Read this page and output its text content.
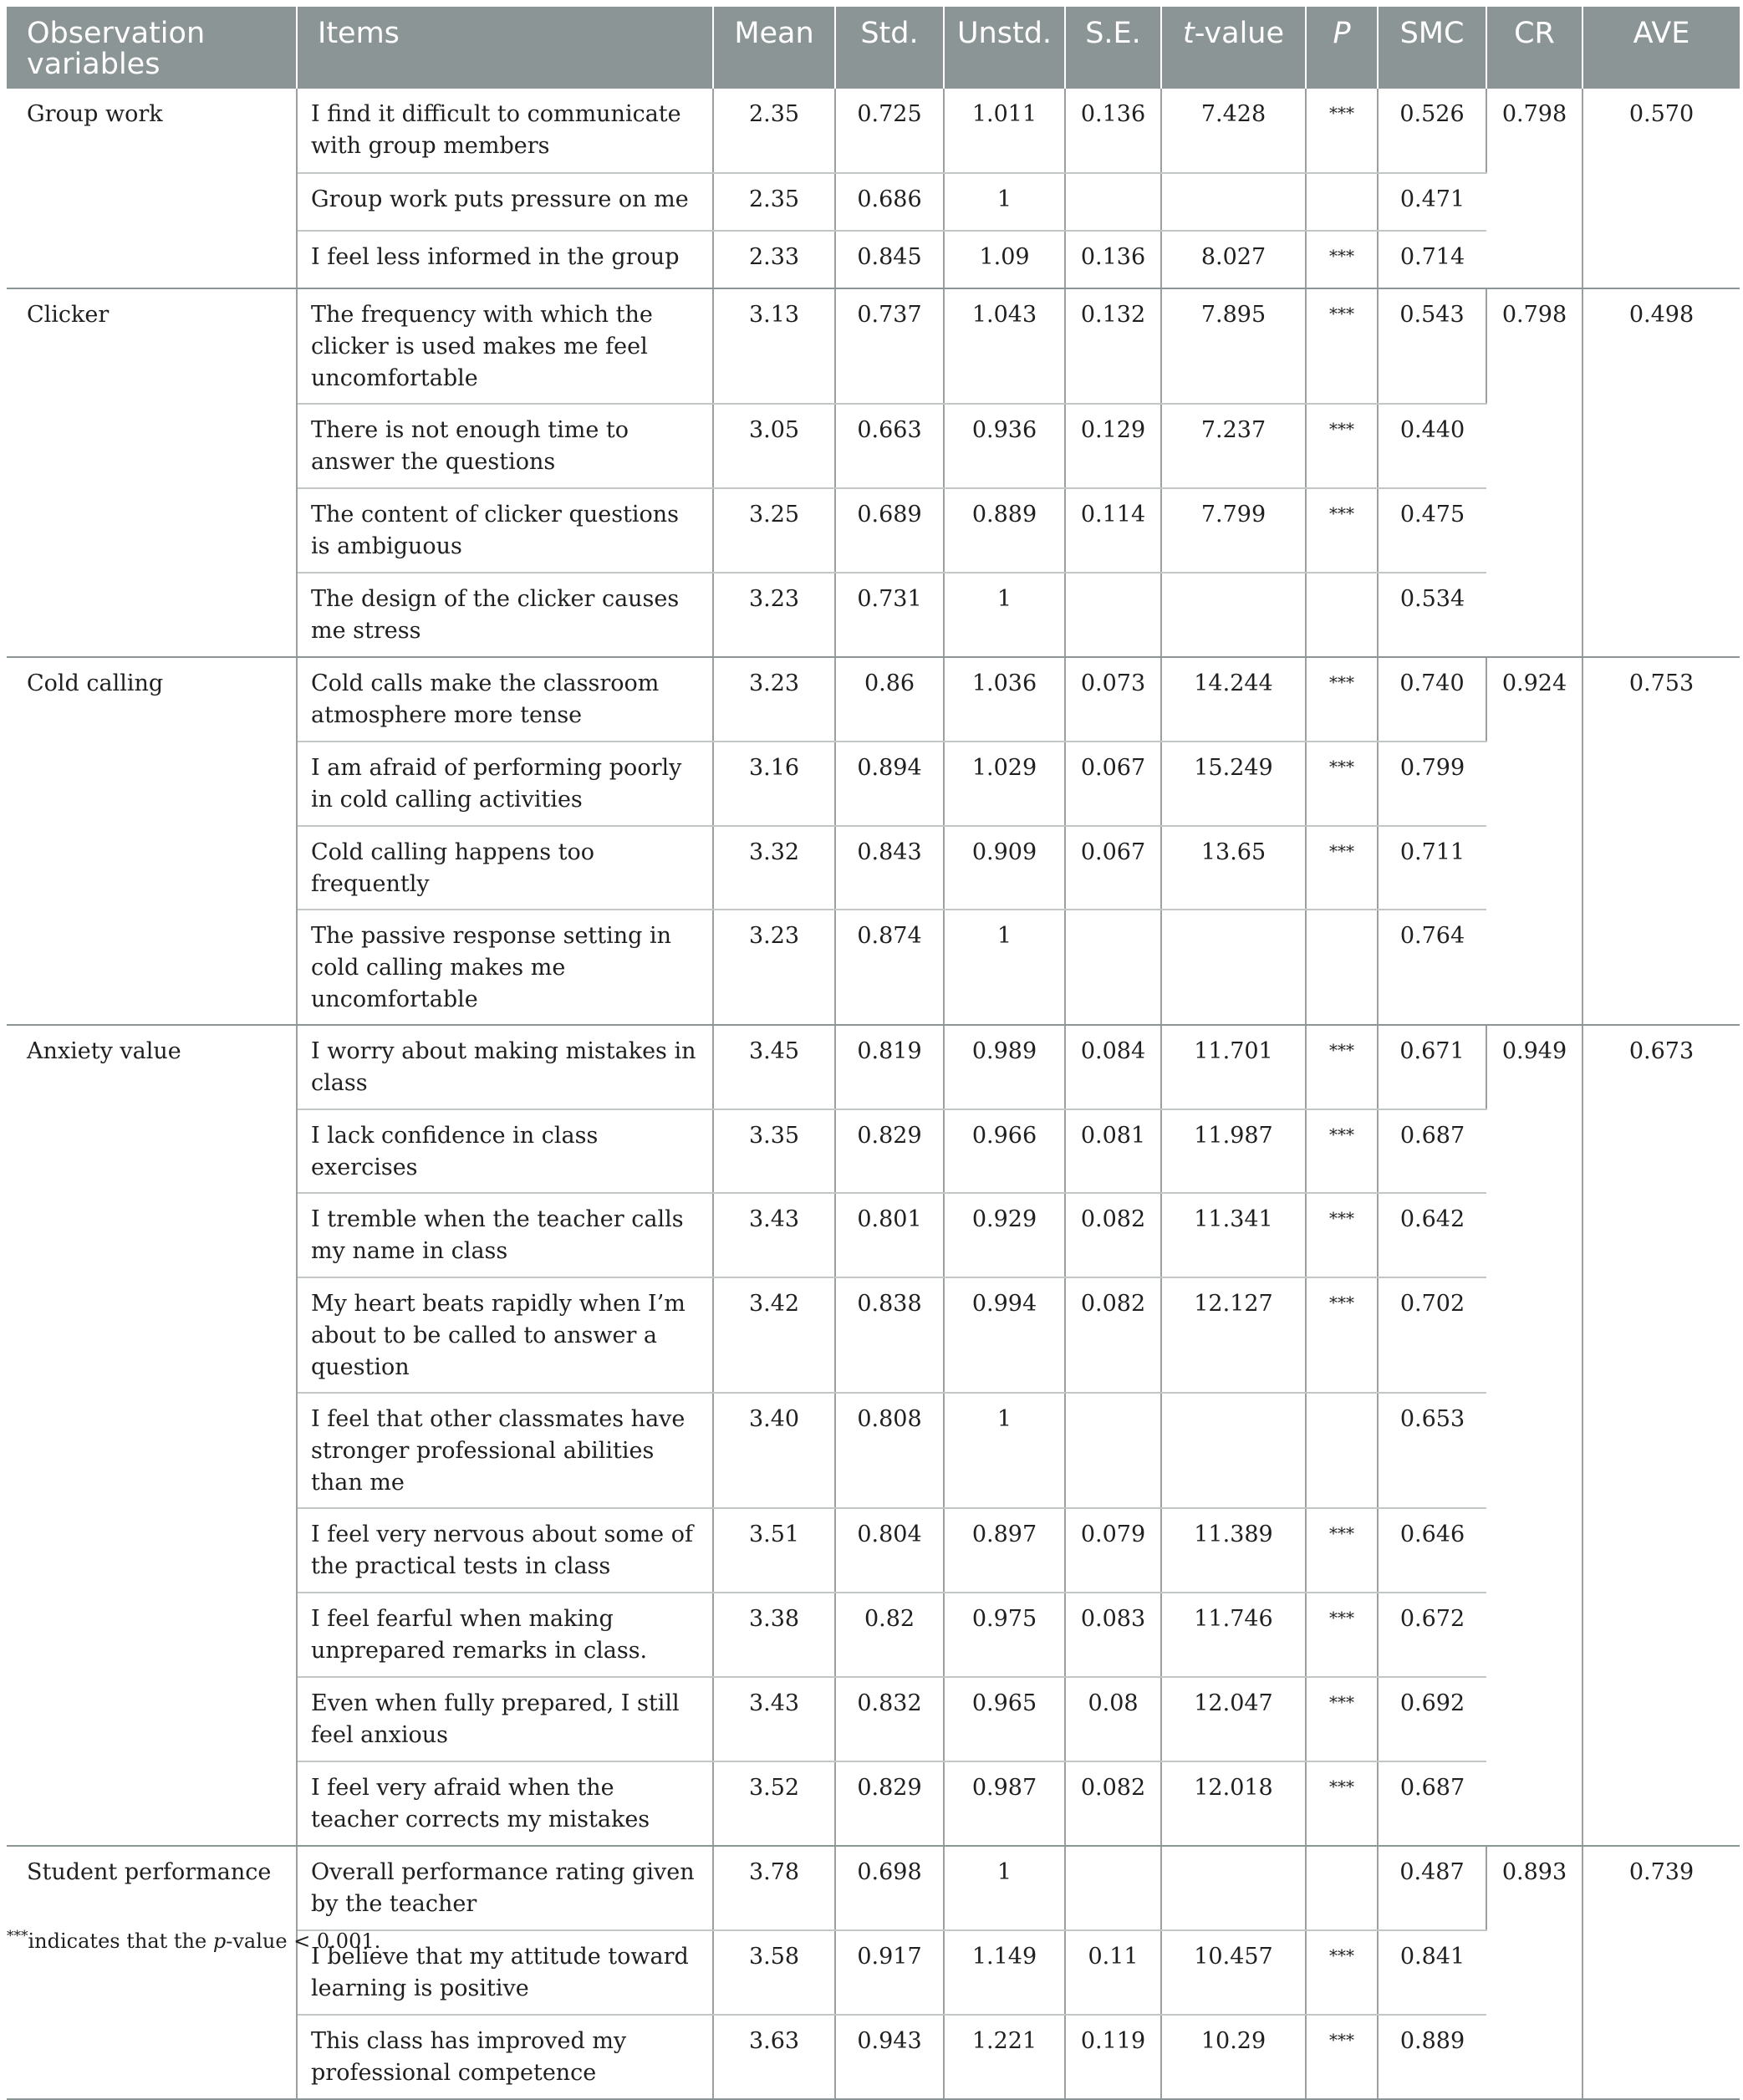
Observation variables	Items	Mean	Std.	Unstd.	S.E.	t-value	P	SMC	CR	AVE
Group work	I find it difficult to communicate with group members	2.35	0.725	1.011	0.136	7.428	***	0.526	0.798	0.570
	Group work puts pressure on me	2.35	0.686	1				0.471		
	I feel less informed in the group	2.33	0.845	1.09	0.136	8.027	***	0.714		
Clicker	The frequency with which the clicker is used makes me feel uncomfortable	3.13	0.737	1.043	0.132	7.895	***	0.543	0.798	0.498
	There is not enough time to answer the questions	3.05	0.663	0.936	0.129	7.237	***	0.440		
	The content of clicker questions is ambiguous	3.25	0.689	0.889	0.114	7.799	***	0.475		
	The design of the clicker causes me stress	3.23	0.731	1				0.534		
Cold calling	Cold calls make the classroom atmosphere more tense	3.23	0.86	1.036	0.073	14.244	***	0.740	0.924	0.753
	I am afraid of performing poorly in cold calling activities	3.16	0.894	1.029	0.067	15.249	***	0.799		
	Cold calling happens too frequently	3.32	0.843	0.909	0.067	13.65	***	0.711		
	The passive response setting in cold calling makes me uncomfortable	3.23	0.874	1				0.764		
Anxiety value	I worry about making mistakes in class	3.45	0.819	0.989	0.084	11.701	***	0.671	0.949	0.673
	I lack confidence in class exercises	3.35	0.829	0.966	0.081	11.987	***	0.687		
	I tremble when the teacher calls my name in class	3.43	0.801	0.929	0.082	11.341	***	0.642		
	My heart beats rapidly when I’m about to be called to answer a question	3.42	0.838	0.994	0.082	12.127	***	0.702		
	I feel that other classmates have stronger professional abilities than me	3.40	0.808	1				0.653		
	I feel very nervous about some of the practical tests in class	3.51	0.804	0.897	0.079	11.389	***	0.646		
	I feel fearful when making unprepared remarks in class.	3.38	0.82	0.975	0.083	11.746	***	0.672		
	Even when fully prepared, I still feel anxious	3.43	0.832	0.965	0.08	12.047	***	0.692		
	I feel very afraid when the teacher corrects my mistakes	3.52	0.829	0.987	0.082	12.018	***	0.687		
Student performance	Overall performance rating given by the teacher	3.78	0.698	1				0.487	0.893	0.739
	I believe that my attitude toward learning is positive	3.58	0.917	1.149	0.11	10.457	***	0.841		
	This class has improved my professional competence	3.63	0.943	1.221	0.119	10.29	***	0.889		
***indicates that the p-value < 0.001.
